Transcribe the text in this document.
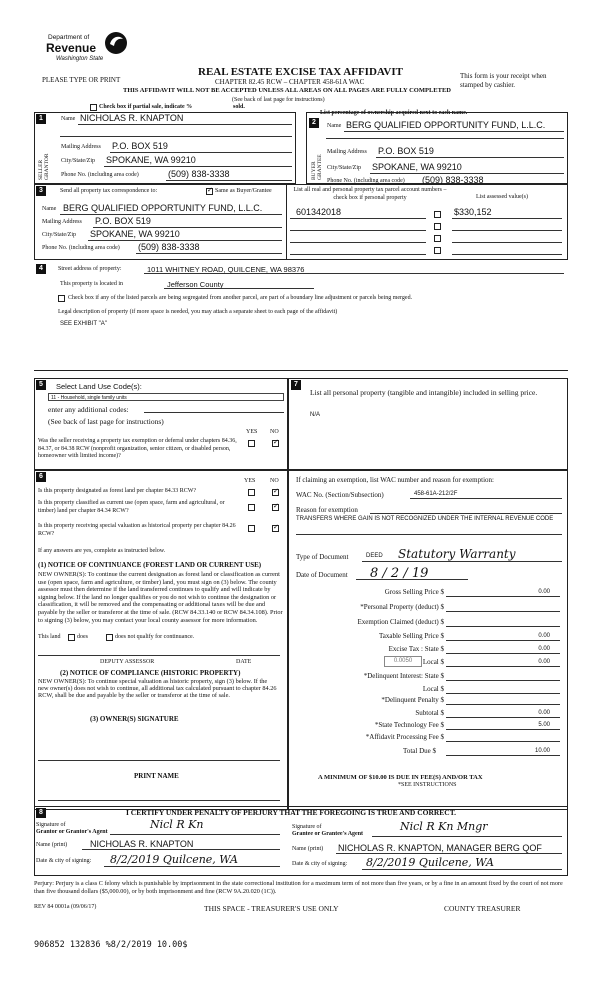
Department of
Revenue
Washington State
PLEASE TYPE OR PRINT
REAL ESTATE EXCISE TAX AFFIDAVIT
CHAPTER 82.45 RCW – CHAPTER 458-61A WAC
THIS AFFIDAVIT WILL NOT BE ACCEPTED UNLESS ALL AREAS ON ALL PAGES ARE FULLY COMPLETED
This form is your receipt when stamped by cashier.
(See back of last page for instructions)
Check box if partial sale, indicate %	sold.
List percentage of ownership acquired next to each name.
1
SELLER GRANTOR
Name NICHOLAS R. KNAPTON
Mailing Address P.O. BOX 519
City/State/Zip SPOKANE, WA 99210
Phone No. (including area code)	(509) 838-3338
2
BUYER GRANTEE
Name BERG QUALIFIED OPPORTUNITY FUND, L.L.C.
Mailing Address P.O. BOX 519
City/State/Zip SPOKANE, WA 99210
Phone No. (including area code) (509) 838-3338
3	Send all property tax correspondence to:
✓	Same as Buyer/Grantee
Name BERG QUALIFIED OPPORTUNITY FUND, L.L.C.
Mailing Address P.O. BOX 519
City/State/Zip SPOKANE, WA 99210
Phone No. (including area code) (509) 838-3338
List all real and personal property tax parcel account numbers – check box if personal property	List assessed value(s)
601342018	$330,152
4	Street address of property:	1011 WHITNEY ROAD, QUILCENE, WA 98376
This property is located in	Jefferson County
Check box if any of the listed parcels are being segregated from another parcel, are part of a boundary line adjustment or parcels being merged.
Legal description of property (if more space is needed, you may attach a separate sheet to each page of the affidavit)
SEE EXHIBIT "A"
5	Select Land Use Code(s):
11 - Household, single family units
enter any additional codes:
(See back of last page for instructions)
YES NO
Was the seller receiving a property tax exemption or deferral under chapters 84.36, 84.37, or 84.38 RCW (nonprofit organization, senior citizen, or disabled person, homeowner with limited income)?
✓
7
List all personal property (tangible and intangible) included in selling price.
N/A
6
YES NO
Is this property designated as forest land per chapter 84.33 RCW?
✓
Is this property classified as current use (open space, farm and agricultural, or timber) land per chapter 84.34 RCW?
✓
Is this property receiving special valuation as historical property per chapter 84.26 RCW?
✓
If any answers are yes, complete as instructed below.
(1) NOTICE OF CONTINUANCE (FOREST LAND OR CURRENT USE)
NEW OWNER(S): To continue the current designation as forest land or classification as current use (open space, farm and agriculture, or timber) land, you must sign on (3) below. The county assessor must then determine if the land transferred continues to qualify and will indicate by signing below. If the land no longer qualifies or you do not wish to continue the designation or classification, it will be removed and the compensating or additional taxes will be due and payable by the seller or transferor at the time of sale. (RCW 84.33.140 or RCW 84.34.108). Prior to signing (3) below, you may contact your local county assessor for more information.
This land	does	does not qualify for continuance.
DEPUTY ASSESSOR	DATE
(2) NOTICE OF COMPLIANCE (HISTORIC PROPERTY)
NEW OWNER(S): To continue special valuation as historic property, sign (3) below. If the new owner(s) does not wish to continue, all additional tax calculated pursuant to chapter 84.26 RCW, shall be due and payable by the seller or transferor at the time of sale.
(3) OWNER(S) SIGNATURE
PRINT NAME
If claiming an exemption, list WAC number and reason for exemption:
WAC No. (Section/Subsection)	458-61A-212/2F
Reason for exemption
TRANSFERS WHERE GAIN IS NOT RECOGNIZED UNDER THE INTERNAL REVENUE CODE
Type of Document	DEED Statutory Warranty
Date of Document 8 / 2 / 19
Gross Selling Price $	0.00
*Personal Property (deduct) $
Exemption Claimed (deduct) $
Taxable Selling Price $	0.00
Excise Tax : State $	0.00
0.0050	Local $	0.00
*Delinquent Interest: State $
Local $
*Delinquent Penalty $
Subtotal $	0.00
*State Technology Fee $	5.00
*Affidavit Processing Fee $
Total Due $	10.00
A MINIMUM OF $10.00 IS DUE IN FEE(S) AND/OR TAX
*SEE INSTRUCTIONS
8	I CERTIFY UNDER PENALTY OF PERJURY THAT THE FOREGOING IS TRUE AND CORRECT.
Signature of
Grantor or Grantor's Agent
Nicl R Kn
Name (print)	NICHOLAS R. KNAPTON
Date & city of signing: 8/2/2019 Quilcene, WA
Signature of
Grantee or Grantee's Agent
Nicl R Kn Mngr
Name (print) NICHOLAS R. KNAPTON, MANAGER BERG QOF
Date & city of signing: 8/2/2019 Quilcene, WA
Perjury: Perjury is a class C felony which is punishable by imprisonment in the state correctional institution for a maximum term of not more than five years, or by a fine in an amount fixed by the court of not more than five thousand dollars ($5,000.00), or by both imprisonment and fine (RCW 9A.20.020 (1C)).
REV 84 0001a (09/06/17)	THIS SPACE - TREASURER'S USE ONLY	COUNTY TREASURER
906852 132836 %8/2/2019 10.00$
